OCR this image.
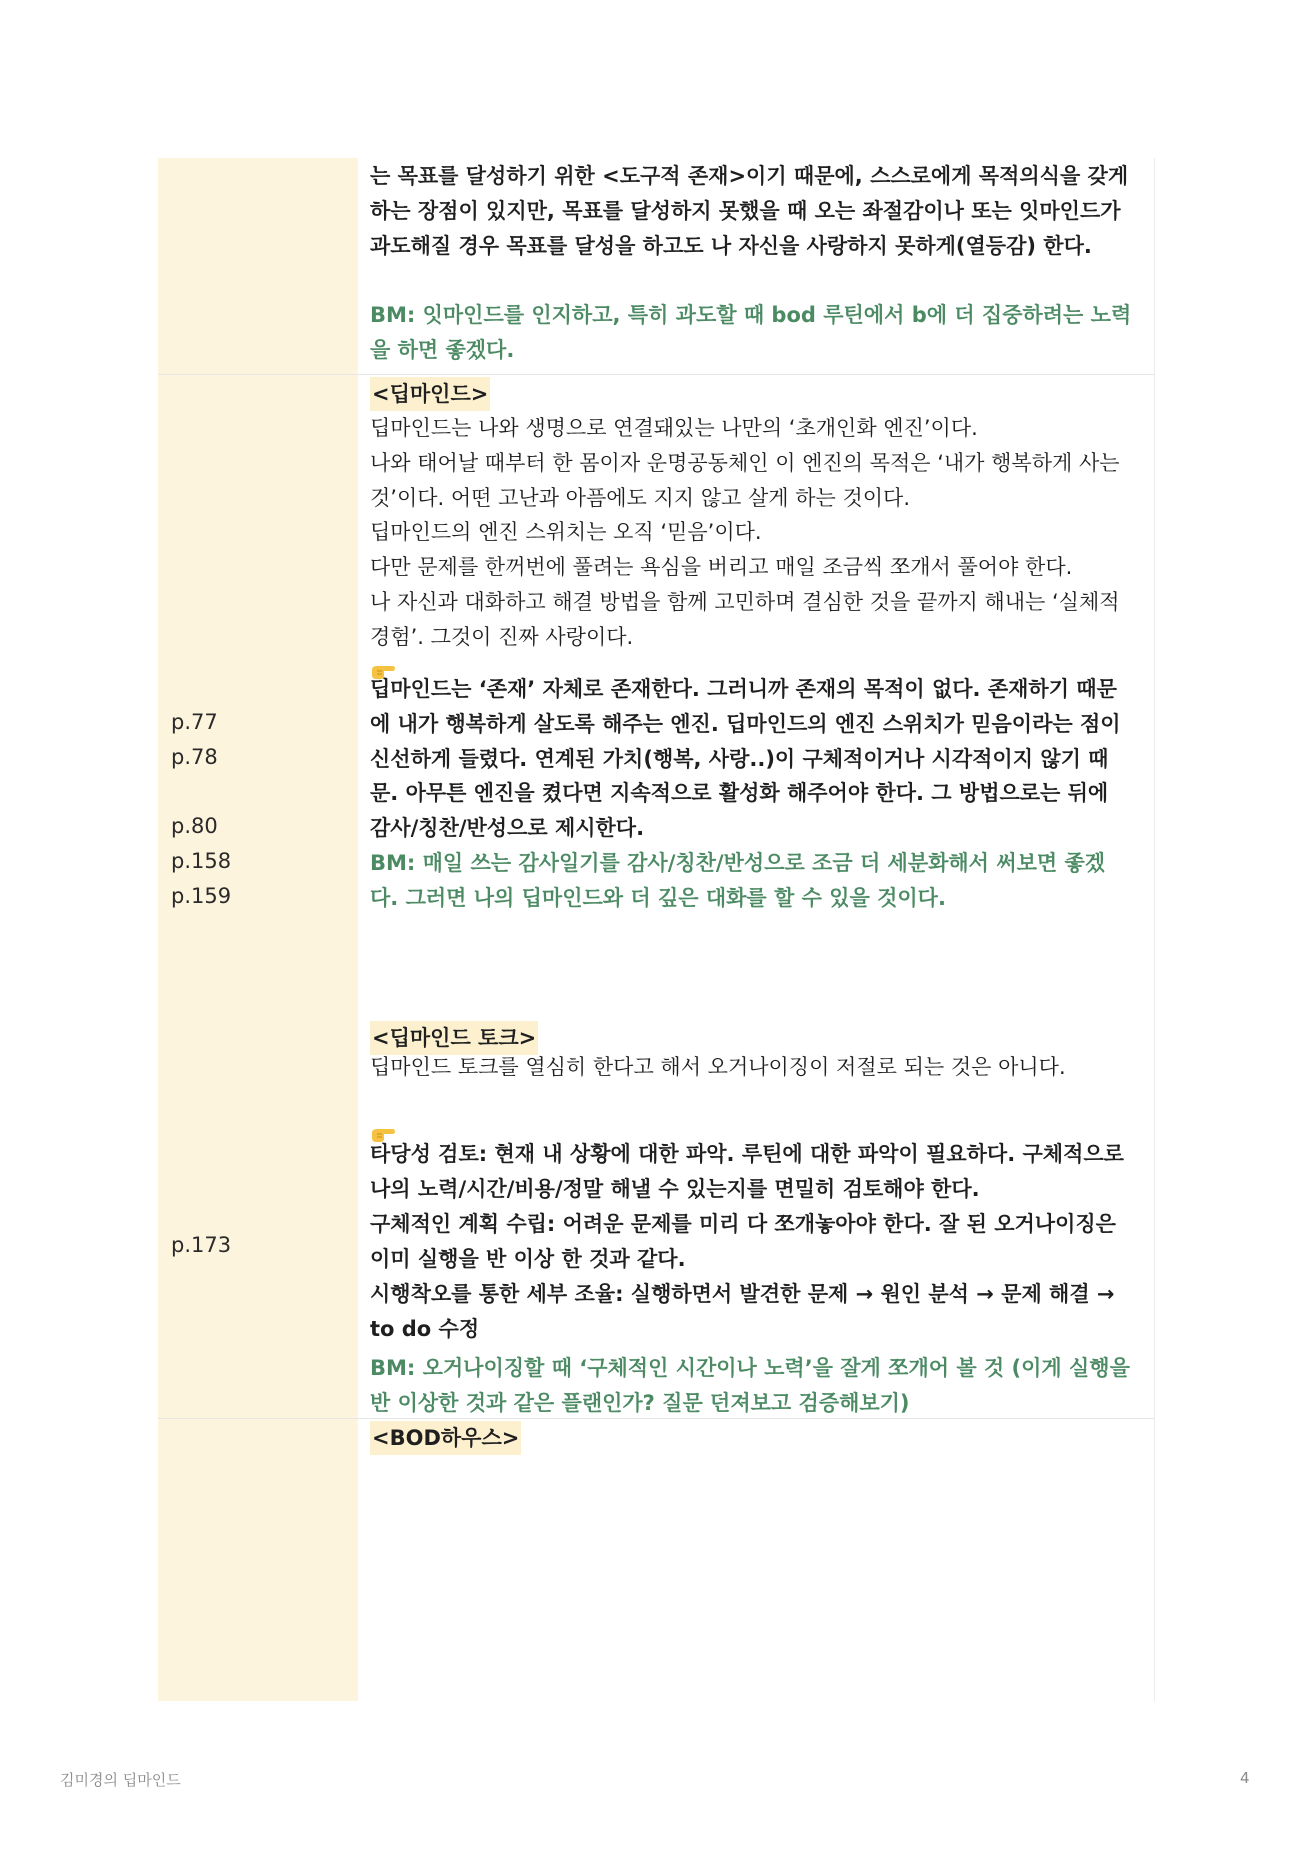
는 목표를 달성하기 위한 <도구적 존재>이기 때문에, 스스로에게 목적의식을 갖게 하는 장점이 있지만, 목표를 달성하지 못했을 때 오는 좌절감이나 또는 잇마인드가 과도해질 경우 목표를 달성을 하고도 나 자신을 사랑하지 못하게(열등감) 한다.

BM: 잇마인드를 인지하고, 특히 과도할 때 bod 루틴에서 b에 더 집중하려는 노력을 하면 좋겠다.

p.77
p.78
p.80
p.158
p.159
p.173

<딥마인드>

딥마인드는 나와 생명으로 연결돼있는 나만의 ‘초개인화 엔진’이다.

나와 태어날 때부터 한 몸이자 운명공동체인 이 엔진의 목적은 ‘내가 행복하게 사는 것’이다. 어떤 고난과 아픔에도 지지 않고 살게 하는 것이다.

딥마인드의 엔진 스위치는 오직 ‘믿음’이다.

다만 문제를 한꺼번에 풀려는 욕심을 버리고 매일 조금씩 쪼개서 풀어야 한다.

나 자신과 대화하고 해결 방법을 함께 고민하며 결심한 것을 끝까지 해내는 ‘실체적 경험’. 그것이 진짜 사랑이다.

딥마인드는 ‘존재’ 자체로 존재한다. 그러니까 존재의 목적이 없다. 존재하기 때문에 내가 행복하게 살도록 해주는 엔진. 딥마인드의 엔진 스위치가 믿음이라는 점이 신선하게 들렸다. 연계된 가치(행복, 사랑..)이 구체적이거나 시각적이지 않기 때문. 아무튼 엔진을 켰다면 지속적으로 활성화 해주어야 한다. 그 방법으로는 뒤에 감사/칭찬/반성으로 제시한다.

BM: 매일 쓰는 감사일기를 감사/칭찬/반성으로 조금 더 세분화해서 써보면 좋겠다. 그러면 나의 딥마인드와 더 깊은 대화를 할 수 있을 것이다.

<딥마인드 토크>

딥마인드 토크를 열심히 한다고 해서 오거나이징이 저절로 되는 것은 아니다.

타당성 검토: 현재 내 상황에 대한 파악. 루틴에 대한 파악이 필요하다. 구체적으로 나의 노력/시간/비용/정말 해낼 수 있는지를 면밀히 검토해야 한다.

구체적인 계획 수립: 어려운 문제를 미리 다 쪼개놓아야 한다. 잘 된 오거나이징은 이미 실행을 반 이상 한 것과 같다.

시행착오를 통한 세부 조율: 실행하면서 발견한 문제 → 원인 분석 → 문제 해결 → to do 수정

BM: 오거나이징할 때 ‘구체적인 시간이나 노력’을 잘게 쪼개어 볼 것 (이게 실행을 반 이상한 것과 같은 플랜인가? 질문 던져보고 검증해보기)

<BOD하우스>

김미경의 딥마인드	4
